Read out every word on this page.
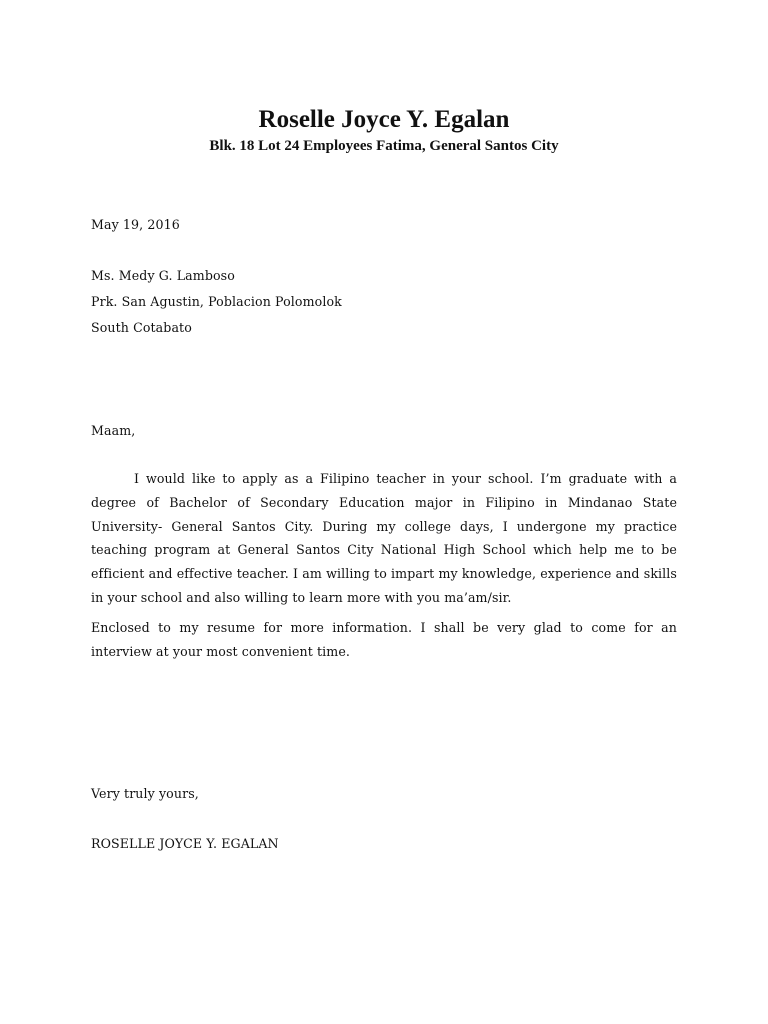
Roselle Joyce Y. Egalan
Blk. 18 Lot 24 Employees Fatima, General Santos City
May 19, 2016
Ms. Medy G. Lamboso
Prk. San Agustin, Poblacion Polomolok
South Cotabato
Maam,

I would like to apply as a Filipino teacher in your school. I’m graduate with a degree of Bachelor of Secondary Education major in Filipino in Mindanao State University- General Santos City. During my college days, I undergone my practice teaching program at General Santos City National High School which help me to be efficient and effective teacher. I am willing to impart my knowledge, experience and skills in your school and also willing to learn more with you ma’am/sir.

Enclosed to my resume for more information. I shall be very glad to come for an interview at your most convenient time.

Very truly yours,
ROSELLE JOYCE Y. EGALAN
